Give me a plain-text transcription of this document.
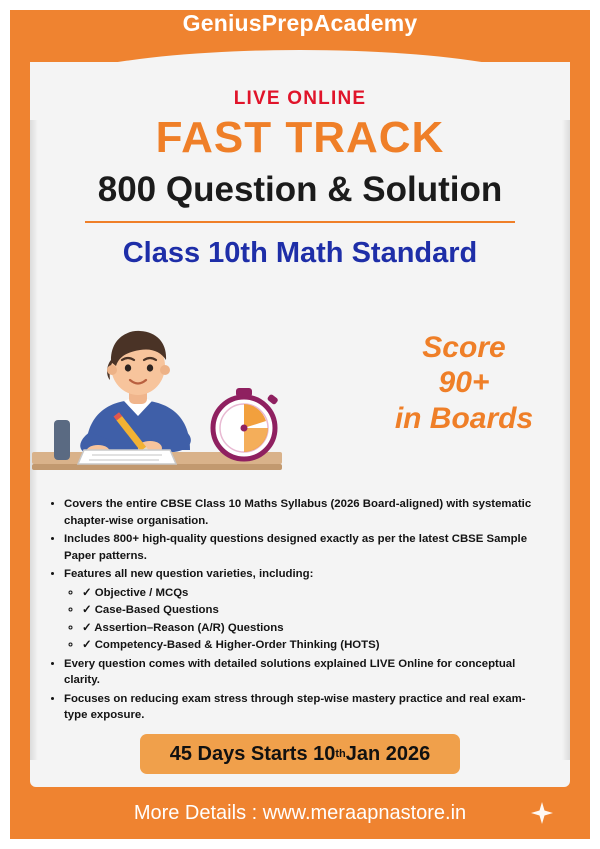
GeniusPrepAcademy
LIVE ONLINE
FAST TRACK
800 Question & Solution
Class 10th Math Standard
Score
90+
in Boards
• Covers the entire CBSE Class 10 Maths Syllabus (2026 Board-aligned) with systematic chapter-wise organisation.
• Includes 800+ high-quality questions designed exactly as per the latest CBSE Sample Paper patterns.
• Features all new question varieties, including:
◦ ✓ Objective / MCQs
◦ ✓ Case-Based Questions
◦ ✓ Assertion–Reason (A/R) Questions
◦ ✓ Competency-Based & Higher-Order Thinking (HOTS)
• Every question comes with detailed solutions explained LIVE Online for conceptual clarity.
• Focuses on reducing exam stress through step-wise mastery practice and real exam-type exposure.
45 Days Starts 10 th Jan 2026
More Details : www.meraapnastore.in
